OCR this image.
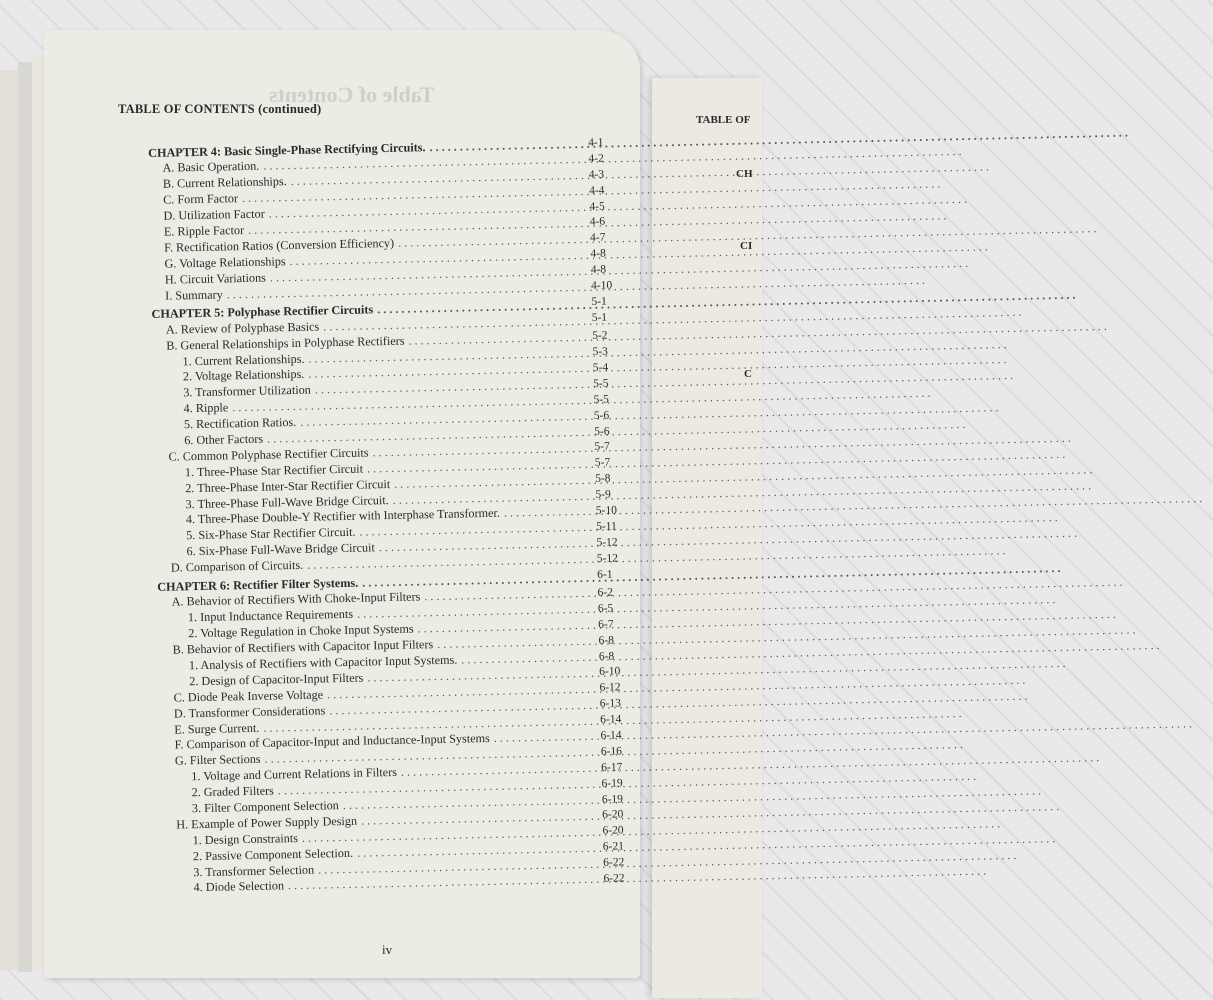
TABLE OF
CH
CI
C
Table of Contents
TABLE OF CONTENTS (continued)
CHAPTER 4: Basic Single-Phase Rectifying Circuits.
.....
A. Basic Operation.
.....
B. Current Relationships.
.....
C. Form Factor
.....
D. Utilization Factor
.....
E. Ripple Factor
.....
F. Rectification Ratios (Conversion Efficiency)
.....
G. Voltage Relationships
.....
H. Circuit Variations
.....
I. Summary
.....
CHAPTER 5: Polyphase Rectifier Circuits
.....
A. Review of Polyphase Basics
.....
B. General Relationships in Polyphase Rectifiers
.....
1. Current Relationships.
.....
2. Voltage Relationships.
.....
3. Transformer Utilization
.....
4. Ripple
.....
5. Rectification Ratios.
.....
6. Other Factors
.....
C. Common Polyphase Rectifier Circuits
.....
1. Three-Phase Star Rectifier Circuit
.....
2. Three-Phase Inter-Star Rectifier Circuit
.....
3. Three-Phase Full-Wave Bridge Circuit.
.....
4. Three-Phase Double-Y Rectifier with Interphase Transformer.
.....
5. Six-Phase Star Rectifier Circuit.
.....
6. Six-Phase Full-Wave Bridge Circuit
.....
D. Comparison of Circuits.
.....
CHAPTER 6: Rectifier Filter Systems.
.....
A. Behavior of Rectifiers With Choke-Input Filters
.....
1. Input Inductance Requirements
.....
2. Voltage Regulation in Choke Input Systems
.....
B. Behavior of Rectifiers with Capacitor Input Filters
.....
1. Analysis of Rectifiers with Capacitor Input Systems.
.....
2. Design of Capacitor-Input Filters
.....
C. Diode Peak Inverse Voltage
.....
D. Transformer Considerations
.....
E. Surge Current.
.....
F. Comparison of Capacitor-Input and Inductance-Input Systems
.....
G. Filter Sections
.....
1. Voltage and Current Relations in Filters
.....
2. Graded Filters
.....
3. Filter Component Selection
.....
H. Example of Power Supply Design
.....
1. Design Constraints
.....
2. Passive Component Selection.
.....
3. Transformer Selection
.....
4. Diode Selection
.....
4-1
4-2
4-3
4-4
4-5
4-6
4-7
4-8
4-8
4-10
5-1
5-1
5-2
5-3
5-4
5-5
5-5
5-6
5-6
5-7
5-7
5-8
5-9
5-10
5-11
5-12
5-12
6-1
6-2
6-5
6-7
6-8
6-8
6-10
6-12
6-13
6-14
6-14
6-16
6-17
6-19
6-19
6-20
6-20
6-21
6-22
6-22
iv
